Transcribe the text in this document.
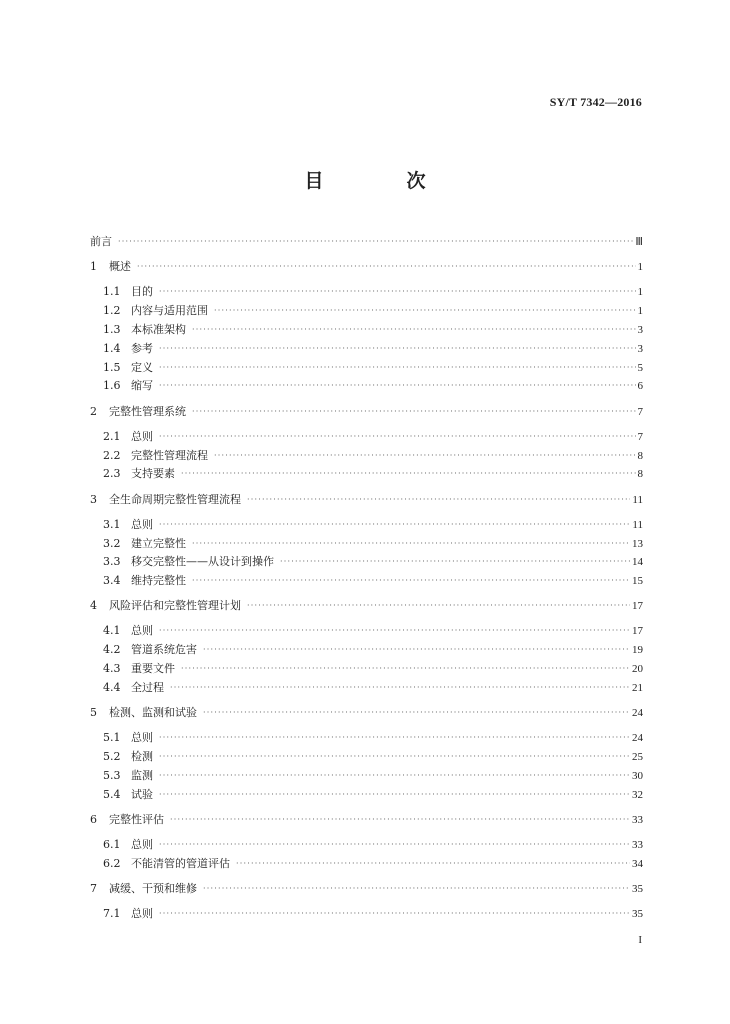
SY/T 7342—2016
目　次
前言 ·····	Ⅲ
1	概述 ·····	1
1.1 目的 ·····	1
1.2 内容与适用范围 ·····	1
1.3 本标准架构 ·····	3
1.4 参考 ·····	3
1.5 定义 ·····	5
1.6 缩写 ·····	6
2	完整性管理系统 ·····	7
2.1 总则 ·····	7
2.2 完整性管理流程 ·····	8
2.3 支持要素 ·····	8
3	全生命周期完整性管理流程 ·····	11
3.1 总则 ·····	11
3.2 建立完整性 ·····	13
3.3 移交完整性——从设计到操作 ·····	14
3.4 维持完整性 ·····	15
4	风险评估和完整性管理计划 ·····	17
4.1 总则 ·····	17
4.2 管道系统危害 ·····	19
4.3 重要文件 ·····	20
4.4 全过程 ·····	21
5	检测、监测和试验 ·····	24
5.1 总则 ·····	24
5.2 检测 ·····	25
5.3 监测 ·····	30
5.4 试验 ·····	32
6	完整性评估 ·····	33
6.1 总则 ·····	33
6.2 不能清管的管道评估 ·····	34
7	减缓、干预和维修 ·····	35
7.1 总则 ·····	35
I
